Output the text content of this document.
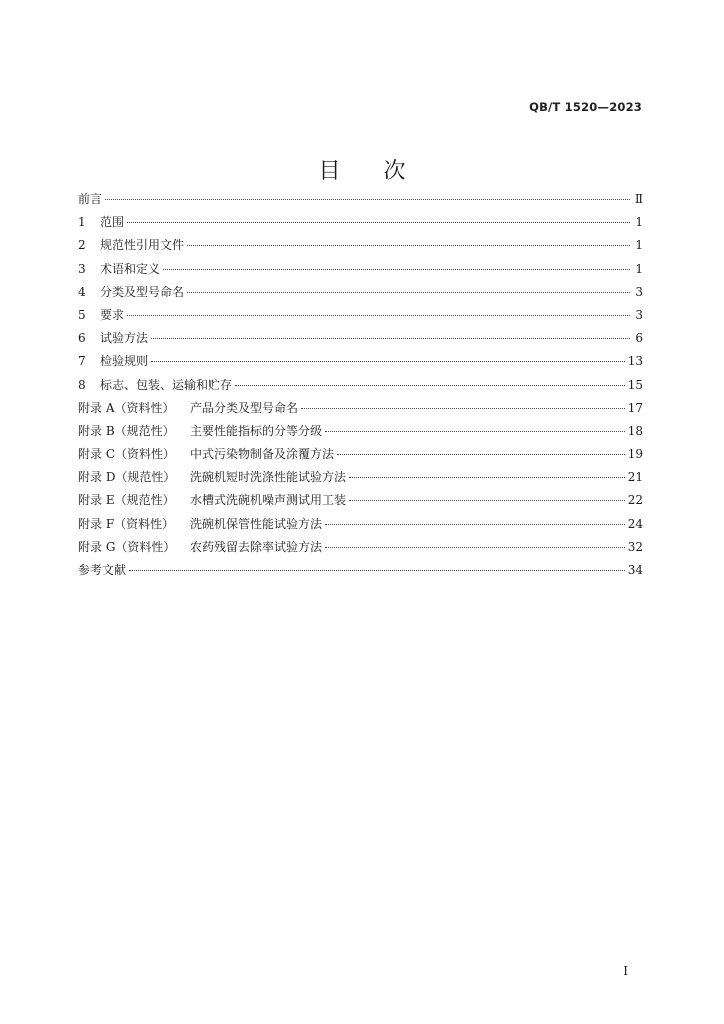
QB/T 1520—2023
目 次
前言	Ⅱ
1	范围	1
2	规范性引用文件	1
3	术语和定义	1
4	分类及型号命名	3
5	要求	3
6	试验方法	6
7	检验规则	13
8	标志、包装、运输和贮存	15
附录 A（资料性）	产品分类及型号命名	17
附录 B（规范性）	主要性能指标的分等分级	18
附录 C（资料性）	中式污染物制备及涂覆方法	19
附录 D（规范性）	洗碗机短时洗涤性能试验方法	21
附录 E（规范性）	水槽式洗碗机噪声测试用工装	22
附录 F（资料性）	洗碗机保管性能试验方法	24
附录 G（资料性）	农药残留去除率试验方法	32
参考文献	34
I
